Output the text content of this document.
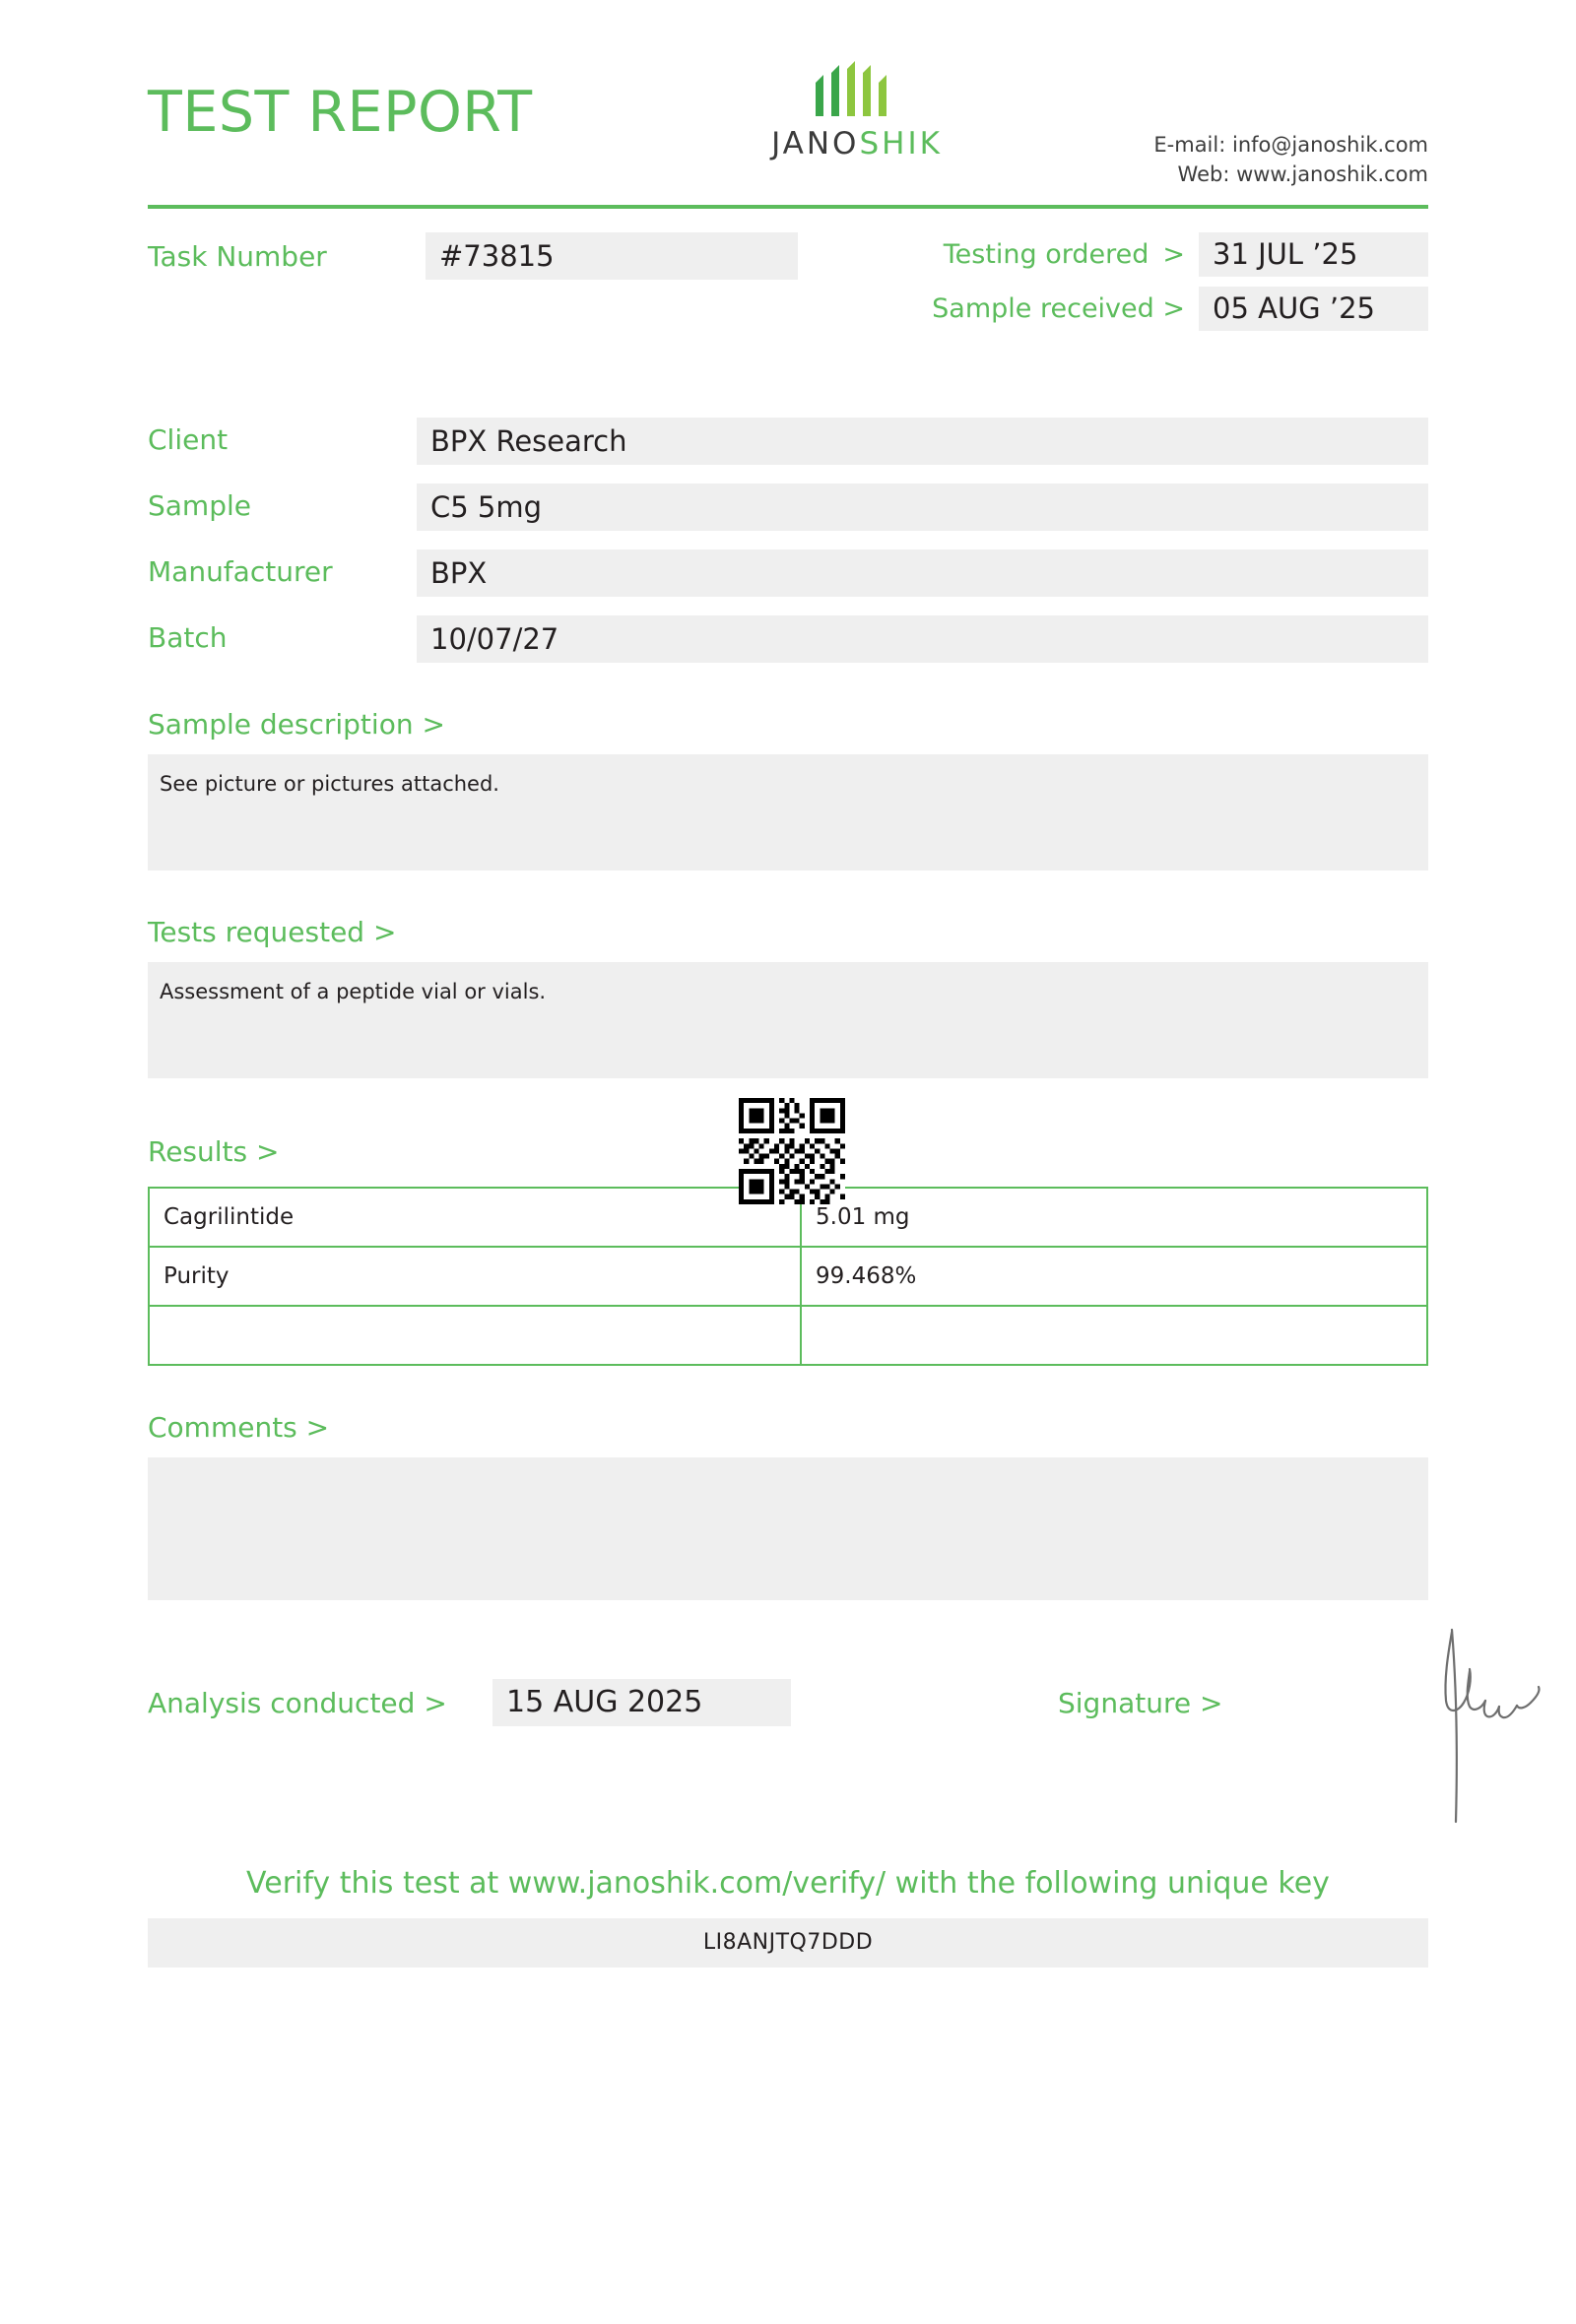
TEST REPORT	JANOSHIK	E-mail: info@janoshik.com
Web: www.janoshik.com
Task Number	#73815	Testing ordered > 31 JUL ’25
Sample received > 05 AUG ’25
Client	BPX Research
Sample	C5 5mg
Manufacturer	BPX
Batch	10/07/27
Sample description >
See picture or pictures attached.
Tests requested >
Assessment of a peptide vial or vials.
Results >
Cagrilintide	5.01 mg
Purity	99.468%

Comments >
Analysis conducted >	15 AUG 2025	Signature >
Verify this test at www.janoshik.com/verify/ with the following unique key
LI8ANJTQ7DDD
